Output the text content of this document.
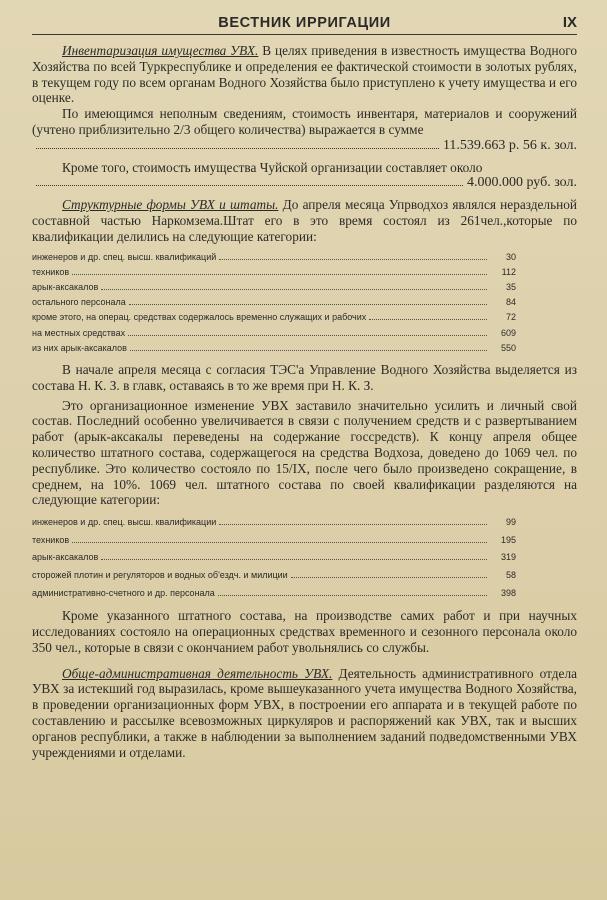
ВЕСТНИК ИРРИГАЦИИ	IX

Инвентаризация имущества УВХ. В целях приведения в известность имущества Водного Хозяйства по всей Туркреспублике и определения ее фактической стоимости в золотых рублях, в текущем году по всем органам Водного Хозяйства было приступлено к учету имущества и его оценке.

По имеющимся неполным сведениям, стоимость инвентаря, материалов и сооружений (учтено приблизительно 2/3 общего количества) выражается в сумме

11.539.663 р. 56 к. зол.

Кроме того, стоимость имущества Чуйской организации составляет около

4.000.000 руб. зол.

Структурные формы УВХ и штаты. До апреля месяца Упрводхоз являлся нераздельной составной частью Наркомзема.Штат его в это время состоял из 261чел.,которые по квалификации делились на следующие категории:

инженеров и др. спец. высш. квалификаций	30

техников	112

арык-аксакалов	35

остального персонала	84

кроме этого, на операц. средствах содержалось временно служащих и рабочих	72

на местных средствах	609

из них арык-аксакалов	550

В начале апреля месяца с согласия ТЭС'а Управление Водного Хозяйства выделяется из состава Н. К. З. в главк, оставаясь в то же время при Н. К. З.

Это организационное изменение УВХ заставило значительно усилить и личный свой состав. Последний особенно увеличивается в связи с получением средств и с развертыванием работ (арык-аксакалы переведены на содержание госсредств). К концу апреля общее количество штатного состава, содержащегося на средства Водхоза, доведено до 1069 чел. по республике. Это количество состояло по 15/IX, после чего было произведено сокращение, в среднем, на 10%. 1069 чел. штатного состава по своей квалификации разделяются на следующие категории:

инженеров и др. спец. высш. квалификации	99

техников	195

арык-аксакалов	319

сторожей плотин и регуляторов и водных об'ездч. и милиции	58

административно-счетного и др. персонала	398

Кроме указанного штатного состава, на производстве самих работ и при научных исследованиях состояло на операционных средствах временного и сезонного персонала около 350 чел., которые в связи с окончанием работ увольнялись со службы.

Обще-административная деятельность УВХ. Деятельность административного отдела УВХ за истекший год выразилась, кроме вышеуказанного учета имущества Водного Хозяйства, в проведении организационных форм УВХ, в построении его аппарата и в текущей работе по составлению и рассылке всевозможных циркуляров и распоряжений как УВХ, так и высших органов республики, а также в наблюдении за выполнением заданий подведомственными УВХ учреждениями и отделами.
